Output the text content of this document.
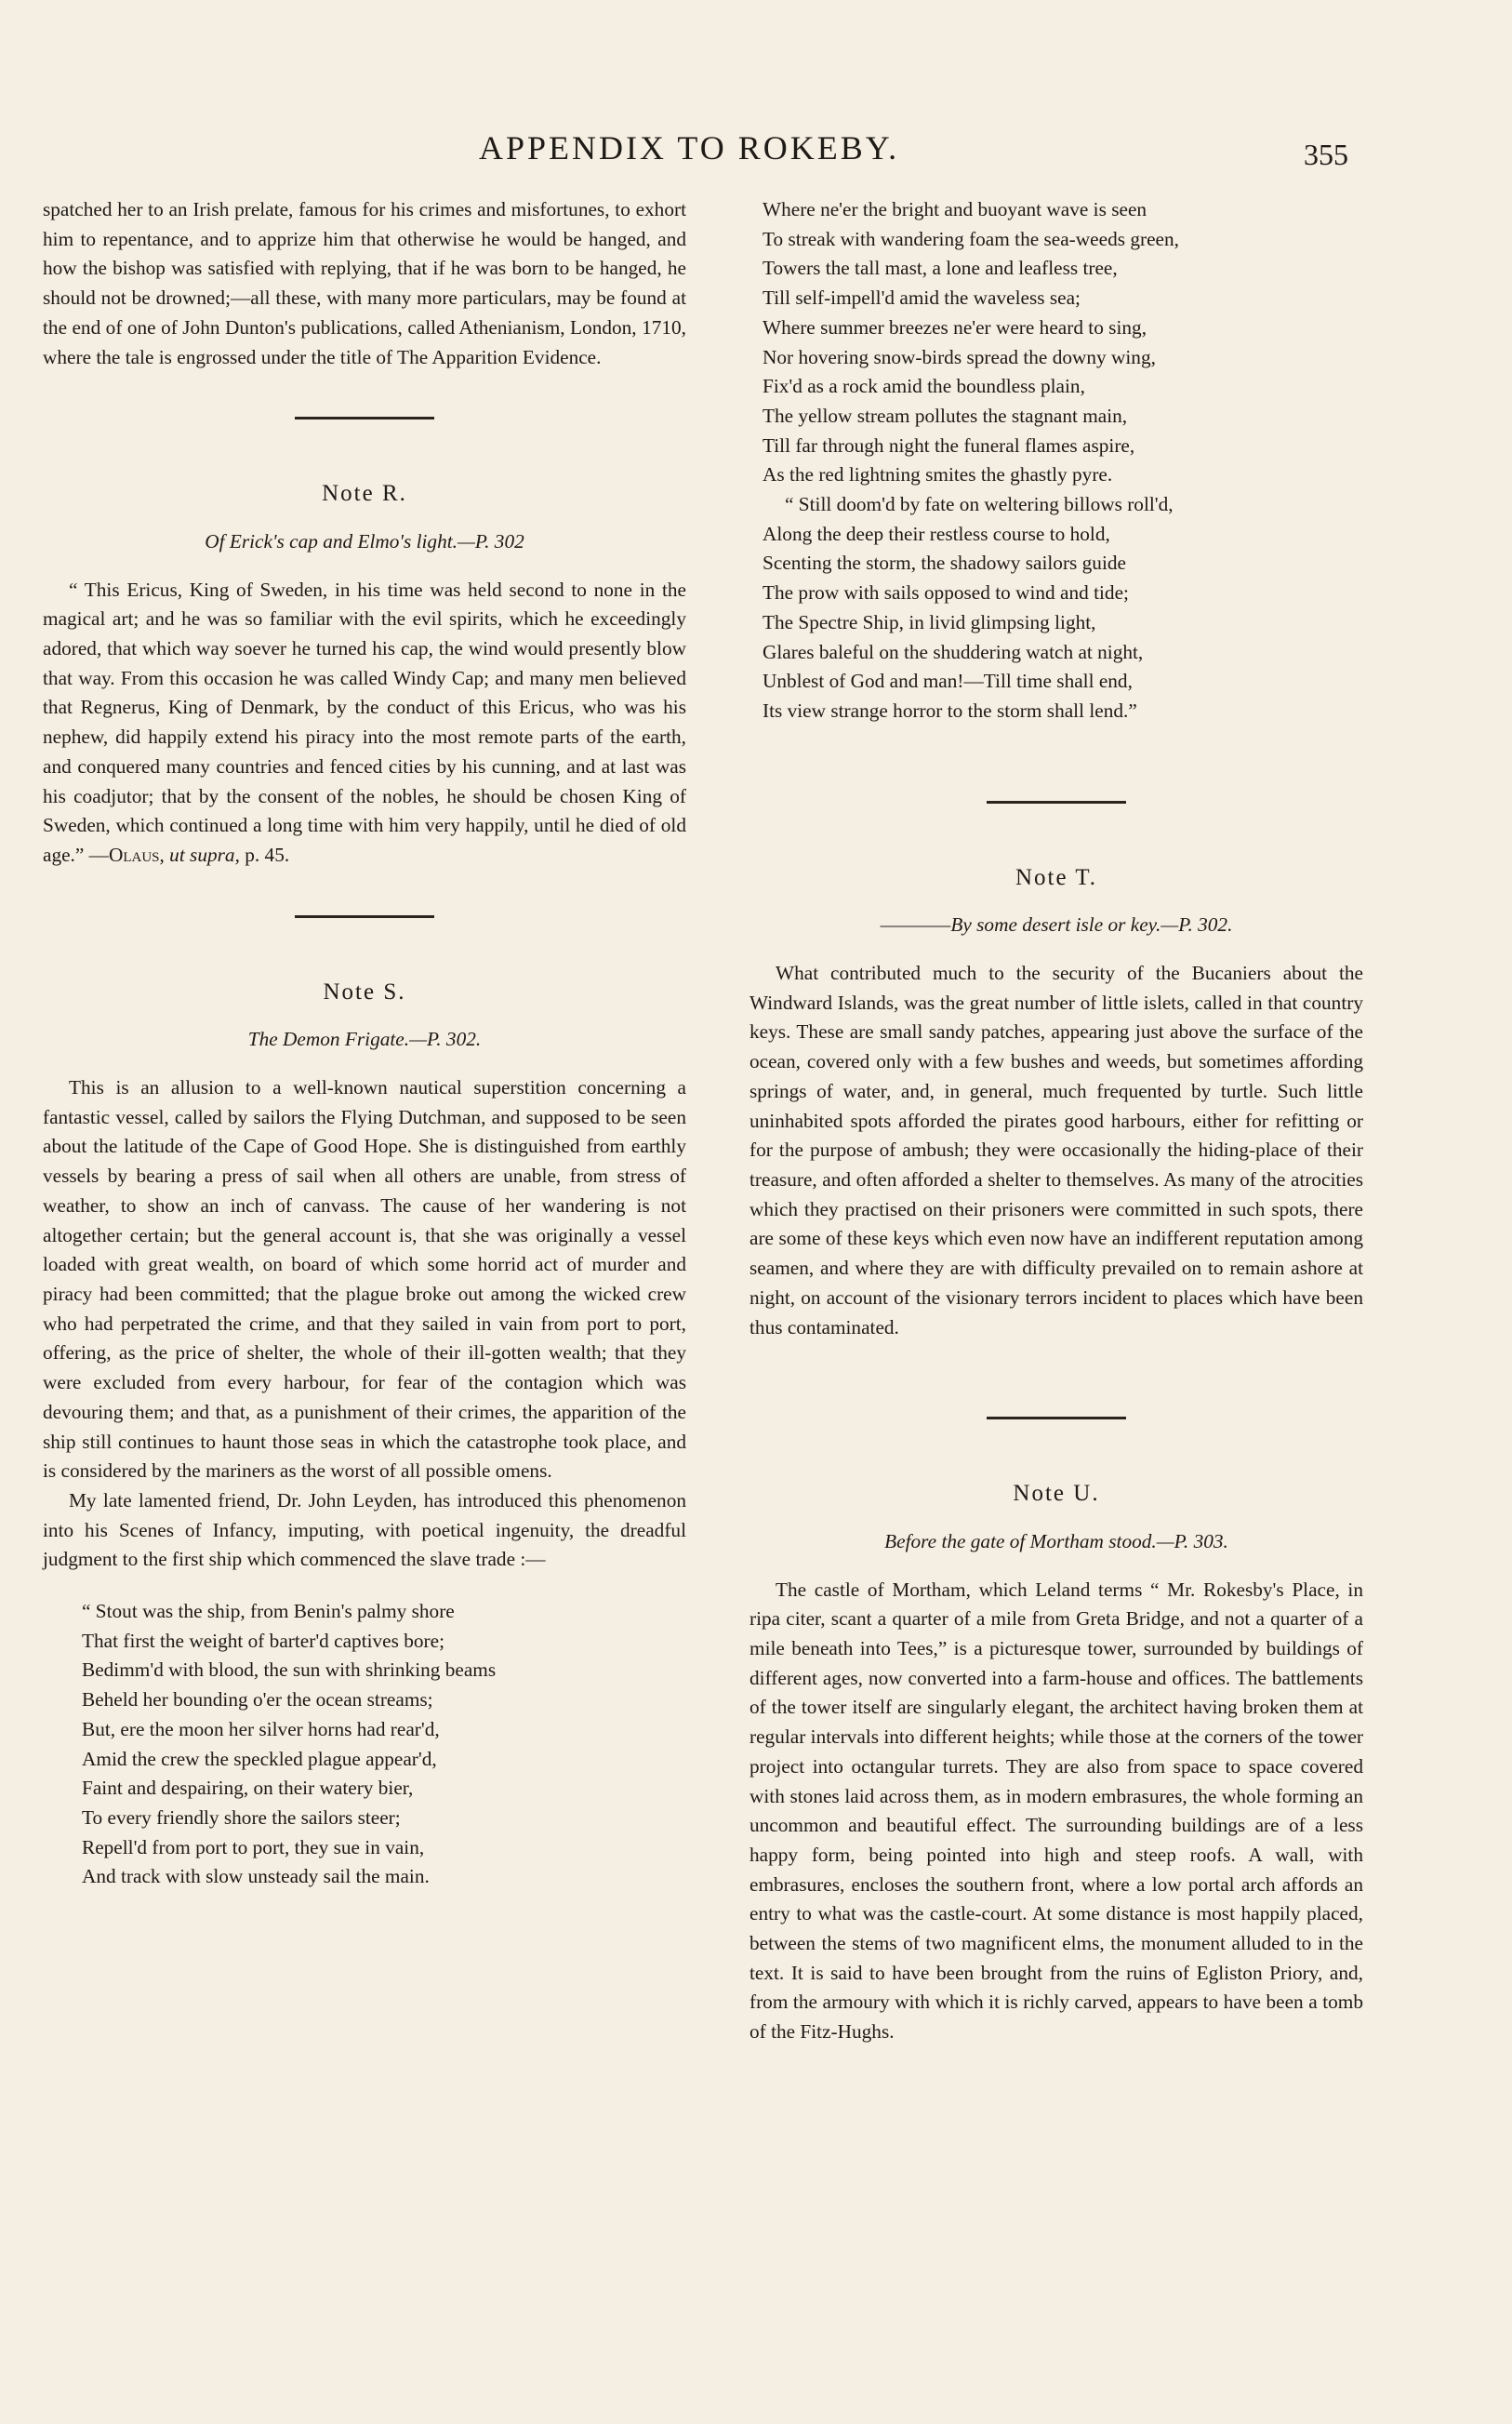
APPENDIX TO ROKEBY.	355

spatched her to an Irish prelate, famous for his crimes and misfortunes, to exhort him to repentance, and to apprize him that otherwise he would be hanged, and how the bishop was satisfied with replying, that if he was born to be hanged, he should not be drowned;—all these, with many more particulars, may be found at the end of one of John Dunton's publications, called Athenianism, London, 1710, where the tale is engrossed under the title of The Apparition Evidence.

Note R.
Of Erick's cap and Elmo's light.—P. 302

“ This Ericus, King of Sweden, in his time was held second to none in the magical art; and he was so familiar with the evil spirits, which he exceedingly adored, that which way soever he turned his cap, the wind would presently blow that way. From this occasion he was called Windy Cap; and many men believed that Regnerus, King of Denmark, by the conduct of this Ericus, who was his nephew, did happily extend his piracy into the most remote parts of the earth, and conquered many countries and fenced cities by his cunning, and at last was his coadjutor; that by the consent of the nobles, he should be chosen King of Sweden, which continued a long time with him very happily, until he died of old age.” —Olaus, ut supra, p. 45.

Note S.
The Demon Frigate.—P. 302.

This is an allusion to a well-known nautical superstition concerning a fantastic vessel, called by sailors the Flying Dutchman, and supposed to be seen about the latitude of the Cape of Good Hope. She is distinguished from earthly vessels by bearing a press of sail when all others are unable, from stress of weather, to show an inch of canvass. The cause of her wandering is not altogether certain; but the general account is, that she was originally a vessel loaded with great wealth, on board of which some horrid act of murder and piracy had been committed; that the plague broke out among the wicked crew who had perpetrated the crime, and that they sailed in vain from port to port, offering, as the price of shelter, the whole of their ill-gotten wealth; that they were excluded from every harbour, for fear of the contagion which was devouring them; and that, as a punishment of their crimes, the apparition of the ship still continues to haunt those seas in which the catastrophe took place, and is considered by the mariners as the worst of all possible omens.

My late lamented friend, Dr. John Leyden, has introduced this phenomenon into his Scenes of Infancy, imputing, with poetical ingenuity, the dreadful judgment to the first ship which commenced the slave trade :—

“ Stout was the ship, from Benin's palmy shore
That first the weight of barter'd captives bore;
Bedimm'd with blood, the sun with shrinking beams
Beheld her bounding o'er the ocean streams;
But, ere the moon her silver horns had rear'd,
Amid the crew the speckled plague appear'd,
Faint and despairing, on their watery bier,
To every friendly shore the sailors steer;
Repell'd from port to port, they sue in vain,
And track with slow unsteady sail the main.
Where ne'er the bright and buoyant wave is seen
To streak with wandering foam the sea-weeds green,
Towers the tall mast, a lone and leafless tree,
Till self-impell'd amid the waveless sea;
Where summer breezes ne'er were heard to sing,
Nor hovering snow-birds spread the downy wing,
Fix'd as a rock amid the boundless plain,
The yellow stream pollutes the stagnant main,
Till far through night the funeral flames aspire,
As the red lightning smites the ghastly pyre.
“ Still doom'd by fate on weltering billows roll'd,
Along the deep their restless course to hold,
Scenting the storm, the shadowy sailors guide
The prow with sails opposed to wind and tide;
The Spectre Ship, in livid glimpsing light,
Glares baleful on the shuddering watch at night,
Unblest of God and man!—Till time shall end,
Its view strange horror to the storm shall lend.”
Note T.
————By some desert isle or key.—P. 302.

What contributed much to the security of the Bucaniers about the Windward Islands, was the great number of little islets, called in that country keys. These are small sandy patches, appearing just above the surface of the ocean, covered only with a few bushes and weeds, but sometimes affording springs of water, and, in general, much frequented by turtle. Such little uninhabited spots afforded the pirates good harbours, either for refitting or for the purpose of ambush; they were occasionally the hiding-place of their treasure, and often afforded a shelter to themselves. As many of the atrocities which they practised on their prisoners were committed in such spots, there are some of these keys which even now have an indifferent reputation among seamen, and where they are with difficulty prevailed on to remain ashore at night, on account of the visionary terrors incident to places which have been thus contaminated.

Note U.
Before the gate of Mortham stood.—P. 303.

The castle of Mortham, which Leland terms “ Mr. Rokesby's Place, in ripa citer, scant a quarter of a mile from Greta Bridge, and not a quarter of a mile beneath into Tees,” is a picturesque tower, surrounded by buildings of different ages, now converted into a farm-house and offices. The battlements of the tower itself are singularly elegant, the architect having broken them at regular intervals into different heights; while those at the corners of the tower project into octangular turrets. They are also from space to space covered with stones laid across them, as in modern embrasures, the whole forming an uncommon and beautiful effect. The surrounding buildings are of a less happy form, being pointed into high and steep roofs. A wall, with embrasures, encloses the southern front, where a low portal arch affords an entry to what was the castle-court. At some distance is most happily placed, between the stems of two magnificent elms, the monument alluded to in the text. It is said to have been brought from the ruins of Egliston Priory, and, from the armoury with which it is richly carved, appears to have been a tomb of the Fitz-Hughs.
